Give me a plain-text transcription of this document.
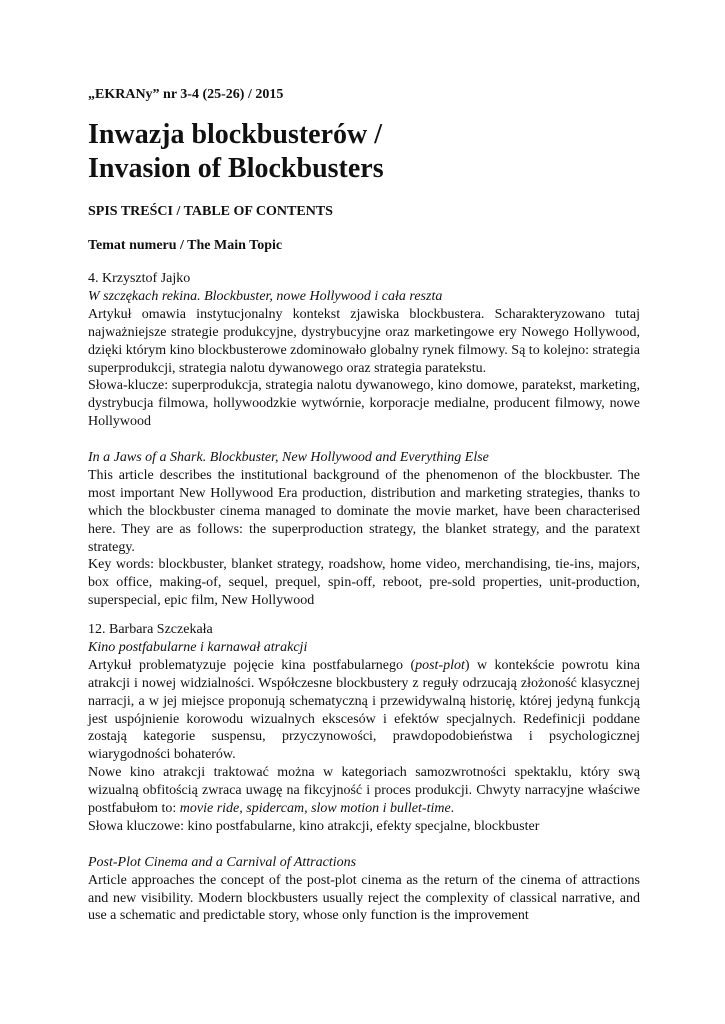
„EKRANy” nr 3-4 (25-26) / 2015
Inwazja blockbusterów /
Invasion of Blockbusters
SPIS TREŚCI / TABLE OF CONTENTS
Temat numeru / The Main Topic

4. Krzysztof Jajko

W szczękach rekina. Blockbuster, nowe Hollywood i cała reszta

Artykuł omawia instytucjonalny kontekst zjawiska blockbustera. Scharakteryzowano tutaj najważniejsze strategie produkcyjne, dystrybucyjne oraz marketingowe ery Nowego Hollywood, dzięki którym kino blockbusterowe zdominowało globalny rynek filmowy. Są to kolejno: strategia superprodukcji, strategia nalotu dywanowego oraz strategia paratekstu.

Słowa-klucze: superprodukcja, strategia nalotu dywanowego, kino domowe, paratekst, marketing, dystrybucja filmowa, hollywoodzkie wytwórnie, korporacje medialne, producent filmowy, nowe Hollywood

In a Jaws of a Shark. Blockbuster, New Hollywood and Everything Else

This article describes the institutional background of the phenomenon of the blockbuster. The most important New Hollywood Era production, distribution and marketing strategies, thanks to which the blockbuster cinema managed to dominate the movie market, have been characterised here. They are as follows: the superproduction strategy, the blanket strategy, and the paratext strategy.

Key words: blockbuster, blanket strategy, roadshow, home video, merchandising, tie-ins, majors, box office, making-of, sequel, prequel, spin-off, reboot, pre-sold properties, unit-production, superspecial, epic film, New Hollywood

12. Barbara Szczekała

Kino postfabularne i karnawał atrakcji

Artykuł problematyzuje pojęcie kina postfabularnego (post-plot) w kontekście powrotu kina atrakcji i nowej widzialności. Współczesne blockbustery z reguły odrzucają złożoność klasycznej narracji, a w jej miejsce proponują schematyczną i przewidywalną historię, której jedyną funkcją jest uspójnienie korowodu wizualnych ekscesów i efektów specjalnych. Redefinicji poddane zostają kategorie suspensu, przyczynowości, prawdopodobieństwa i psychologicznej wiarygodności bohaterów.

Nowe kino atrakcji traktować można w kategoriach samozwrotności spektaklu, który swą wizualną obfitością zwraca uwagę na fikcyjność i proces produkcji. Chwyty narracyjne właściwe postfabułom to: movie ride, spidercam, slow motion i bullet-time.

Słowa kluczowe: kino postfabularne, kino atrakcji, efekty specjalne, blockbuster

Post-Plot Cinema and a Carnival of Attractions

Article approaches the concept of the post-plot cinema as the return of the cinema of attractions and new visibility. Modern blockbusters usually reject the complexity of classical narrative, and use a schematic and predictable story, whose only function is the improvement
